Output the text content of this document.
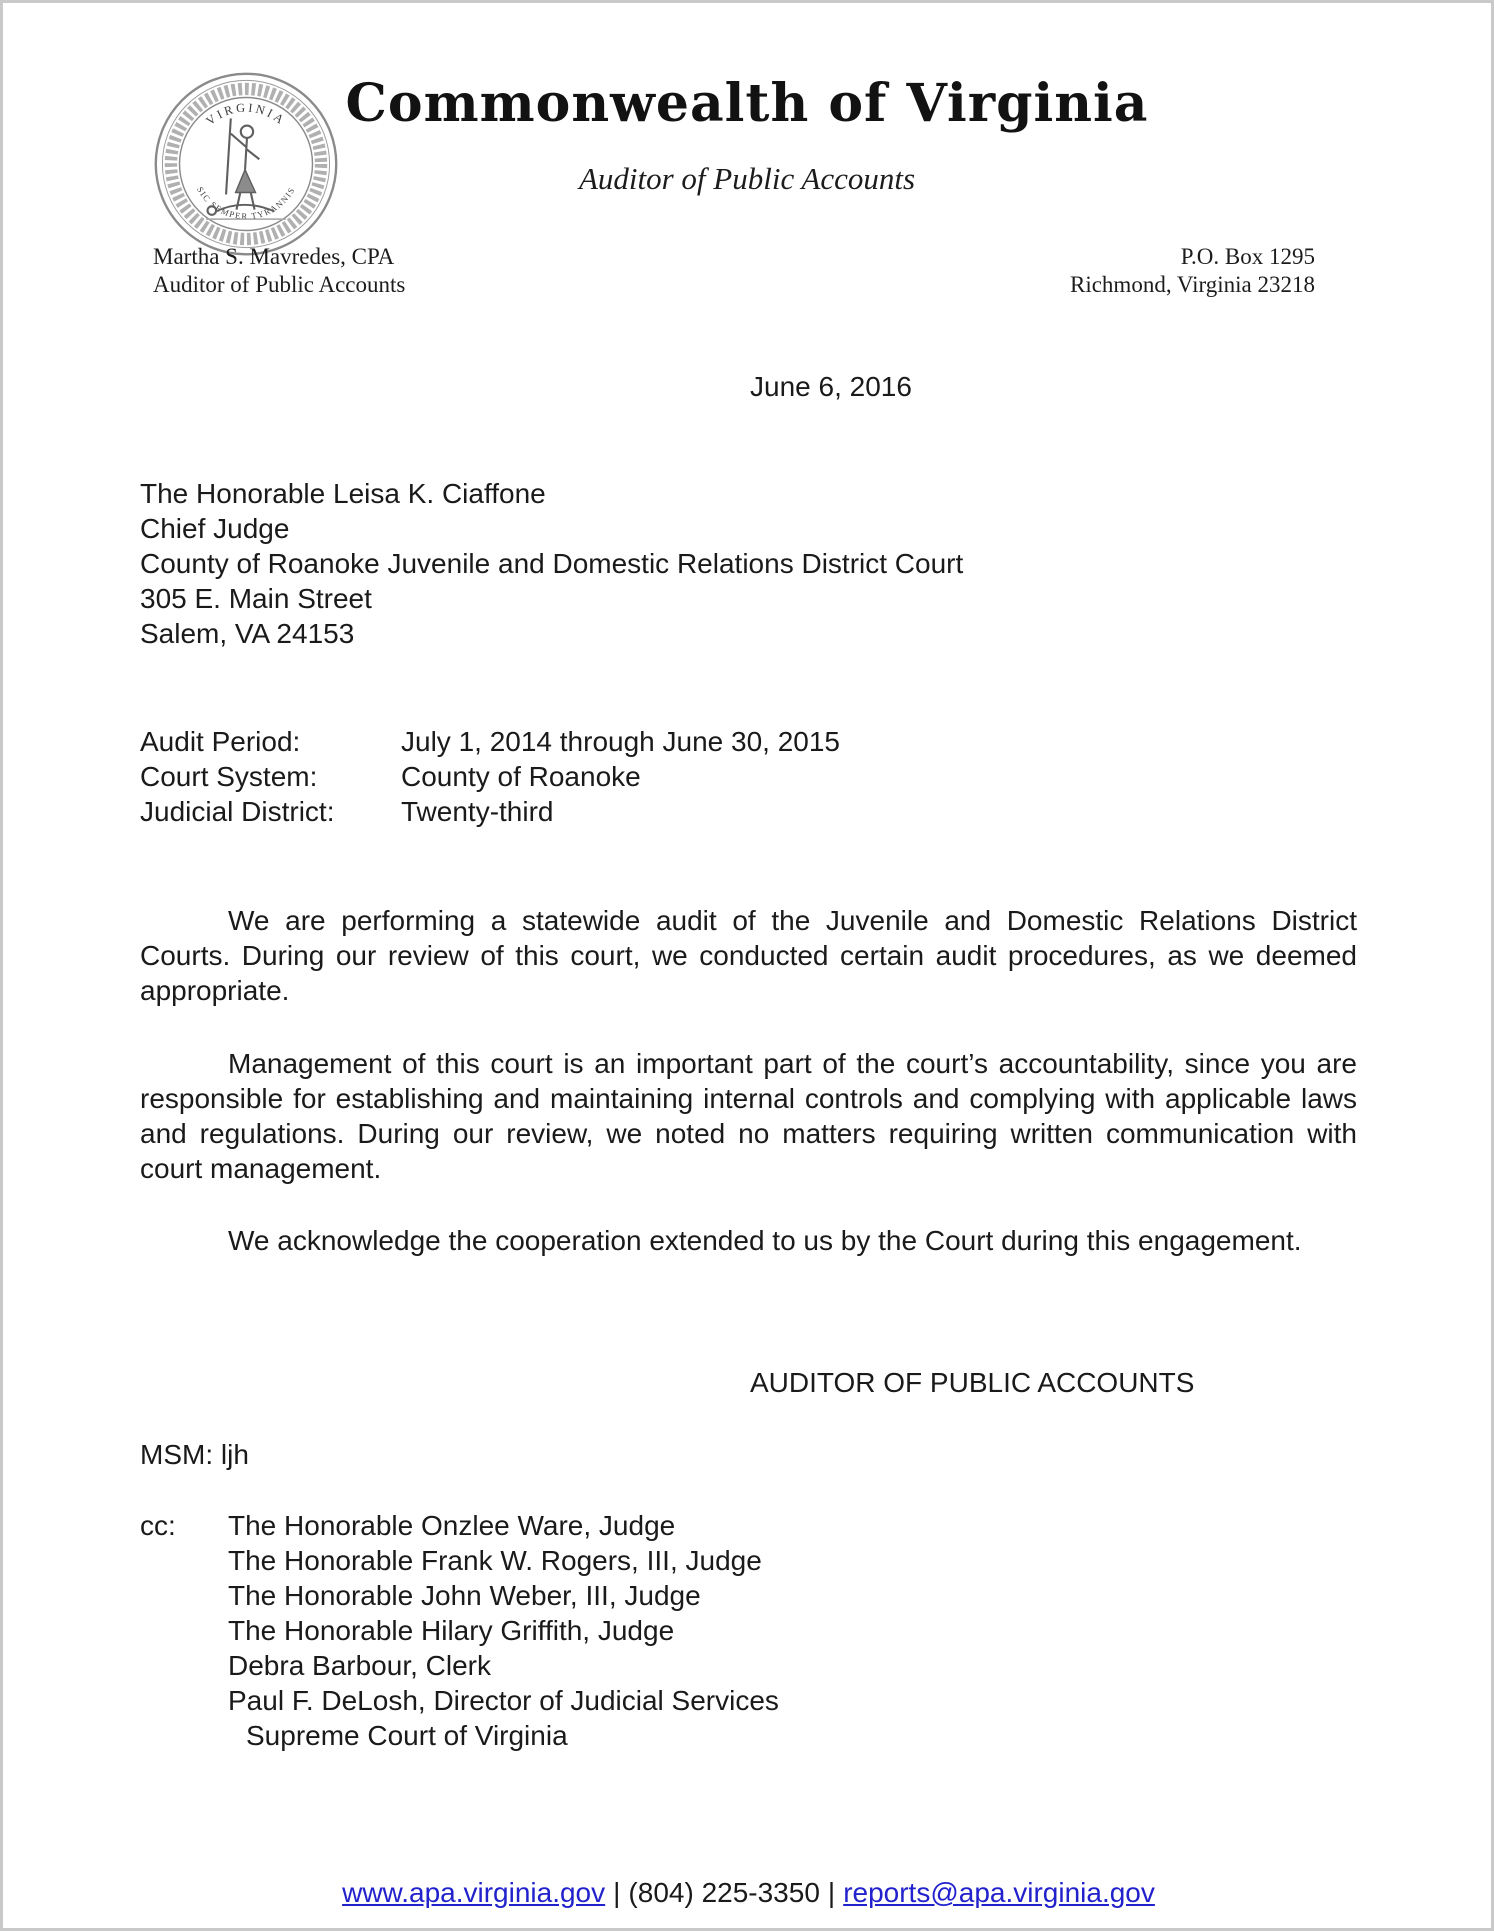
VIRGINIA
SIC SEMPER TYRANNIS
Commonwealth of Virginia
Auditor of Public Accounts
Martha S. Mavredes, CPA
Auditor of Public Accounts
P.O. Box 1295
Richmond, Virginia 23218
June 6, 2016
The Honorable Leisa K. Ciaffone
Chief Judge
County of Roanoke Juvenile and Domestic Relations District Court
305 E. Main Street
Salem, VA 24153
Audit Period:	July 1, 2014 through June 30, 2015
Court System:	County of Roanoke
Judicial District:	Twenty-third

We are performing a statewide audit of the Juvenile and Domestic Relations District Courts. During our review of this court, we conducted certain audit procedures, as we deemed appropriate.

Management of this court is an important part of the court’s accountability, since you are responsible for establishing and maintaining internal controls and complying with applicable laws and regulations. During our review, we noted no matters requiring written communication with court management.

We acknowledge the cooperation extended to us by the Court during this engagement.

AUDITOR OF PUBLIC ACCOUNTS
MSM: ljh
cc:	The Honorable Onzlee Ware, Judge
The Honorable Frank W. Rogers, III, Judge
The Honorable John Weber, III, Judge
The Honorable Hilary Griffith, Judge
Debra Barbour, Clerk
Paul F. DeLosh, Director of Judicial Services
Supreme Court of Virginia
www.apa.virginia.gov | (804) 225-3350 | reports@apa.virginia.gov
